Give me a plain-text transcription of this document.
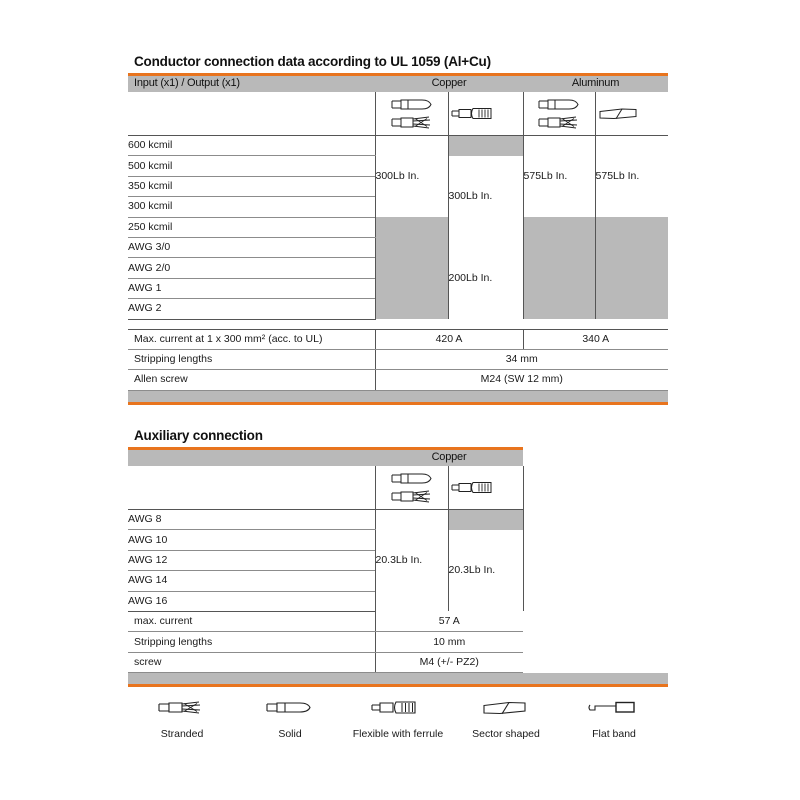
Conductor connection data according to UL 1059 (Al+Cu)
Input (x1) / Output (x1)	Copper		Aluminum	

600 kcmil	300Lb In.		575Lb In.	575Lb In.
500 kcmil		300Lb In.		
350 kcmil				
300 kcmil				
250 kcmil				
AWG 3/0		200Lb In.		
AWG 2/0				
AWG 1				
AWG 2				
Max. current at 1 x 300 mm² (acc. to UL)	420 A	340 A
Stripping lengths	34 mm	
Allen screw	M24 (SW 12 mm)	
Auxiliary connection
	Copper		

AWG 8	20.3Lb In.		
AWG 10		20.3Lb In.	
AWG 12			
AWG 14			
AWG 16			
max. current	57 A		
Stripping lengths	10 mm		
screw	M4 (+/- PZ2)		
Stranded	Solid	Flexible with ferrule	Sector shaped	Flat band
